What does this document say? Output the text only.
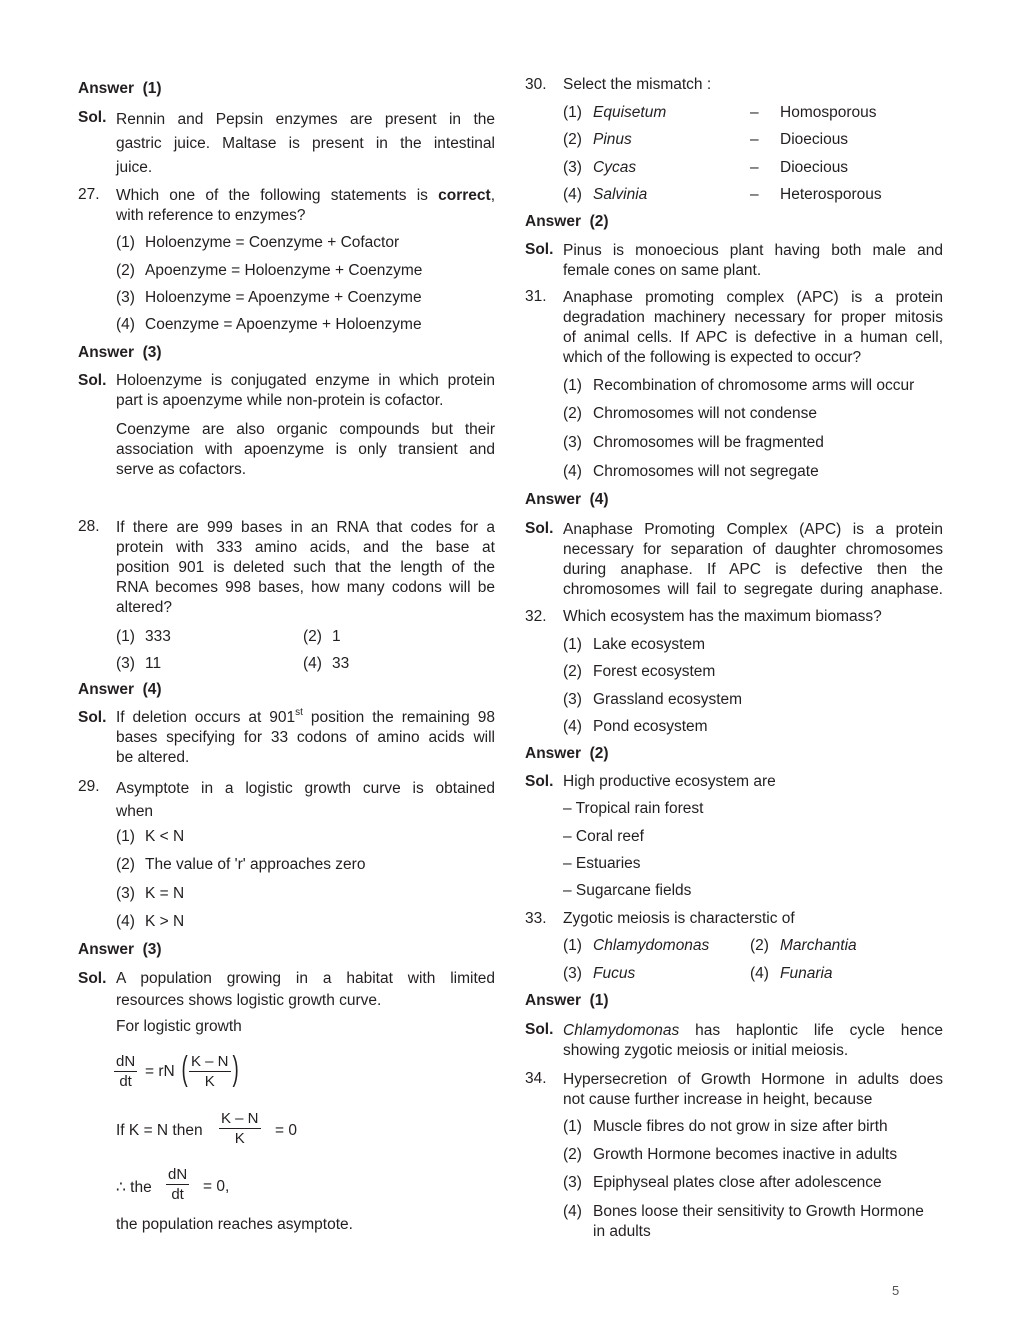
Answer (1)
Sol. Rennin and Pepsin enzymes are present in the
gastric juice. Maltase is present in the intestinal
juice.
27. Which one of the following statements is correct,
with reference to enzymes?
(1) Holoenzyme = Coenzyme + Cofactor
(2) Apoenzyme = Holoenzyme + Coenzyme
(3) Holoenzyme = Apoenzyme + Coenzyme
(4) Coenzyme = Apoenzyme + Holoenzyme
Answer (3)
Sol. Holoenzyme is conjugated enzyme in which protein
part is apoenzyme while non-protein is cofactor.
Coenzyme are also organic compounds but their
association with apoenzyme is only transient and
serve as cofactors.
28. If there are 999 bases in an RNA that codes for a
protein with 333 amino acids, and the base at
position 901 is deleted such that the length of the
RNA becomes 998 bases, how many codons will be
altered?
(1) 333	(2) 1
(3) 11	(4) 33
Answer (4)
Sol. If deletion occurs at 901st position the remaining 98
bases specifying for 33 codons of amino acids will
be altered.
29. Asymptote in a logistic growth curve is obtained
when
(1) K < N
(2) The value of 'r' approaches zero
(3) K = N
(4) K > N
Answer (3)
Sol. A population growing in a habitat with limited
resources shows logistic growth curve.
For logistic growth
$\frac{dN}{dt}$ = rN ( $\frac{K - N}{K}$ )
If K = N then $\frac{K - N}{K} = 0$
∴ the $\frac{dN}{dt} = 0$,
the population reaches asymptote.
30. Select the mismatch :
(1) Equisetum	– Homosporous
(2) Pinus	– Dioecious
(3) Cycas	– Dioecious
(4) Salvinia	– Heterosporous
Answer (2)
Sol. Pinus is monoecious plant having both male and
female cones on same plant.
31. Anaphase promoting complex (APC) is a protein
degradation machinery necessary for proper mitosis
of animal cells. If APC is defective in a human cell,
which of the following is expected to occur?
(1) Recombination of chromosome arms will occur
(2) Chromosomes will not condense
(3) Chromosomes will be fragmented
(4) Chromosomes will not segregate
Answer (4)
Sol. Anaphase Promoting Complex (APC) is a protein
necessary for separation of daughter chromosomes
during anaphase. If APC is defective then the
chromosomes will fail to segregate during anaphase.
32. Which ecosystem has the maximum biomass?
(1) Lake ecosystem
(2) Forest ecosystem
(3) Grassland ecosystem
(4) Pond ecosystem
Answer (2)
Sol. High productive ecosystem are
– Tropical rain forest
– Coral reef
– Estuaries
– Sugarcane fields
33. Zygotic meiosis is characterstic of
(1) Chlamydomonas	(2) Marchantia
(3) Fucus	(4) Funaria
Answer (1)
Sol. Chlamydomonas has haplontic life cycle hence
showing zygotic meiosis or initial meiosis.
34. Hypersecretion of Growth Hormone in adults does
not cause further increase in height, because
(1) Muscle fibres do not grow in size after birth
(2) Growth Hormone becomes inactive in adults
(3) Epiphyseal plates close after adolescence
(4) Bones loose their sensitivity to Growth Hormone
in adults
5
